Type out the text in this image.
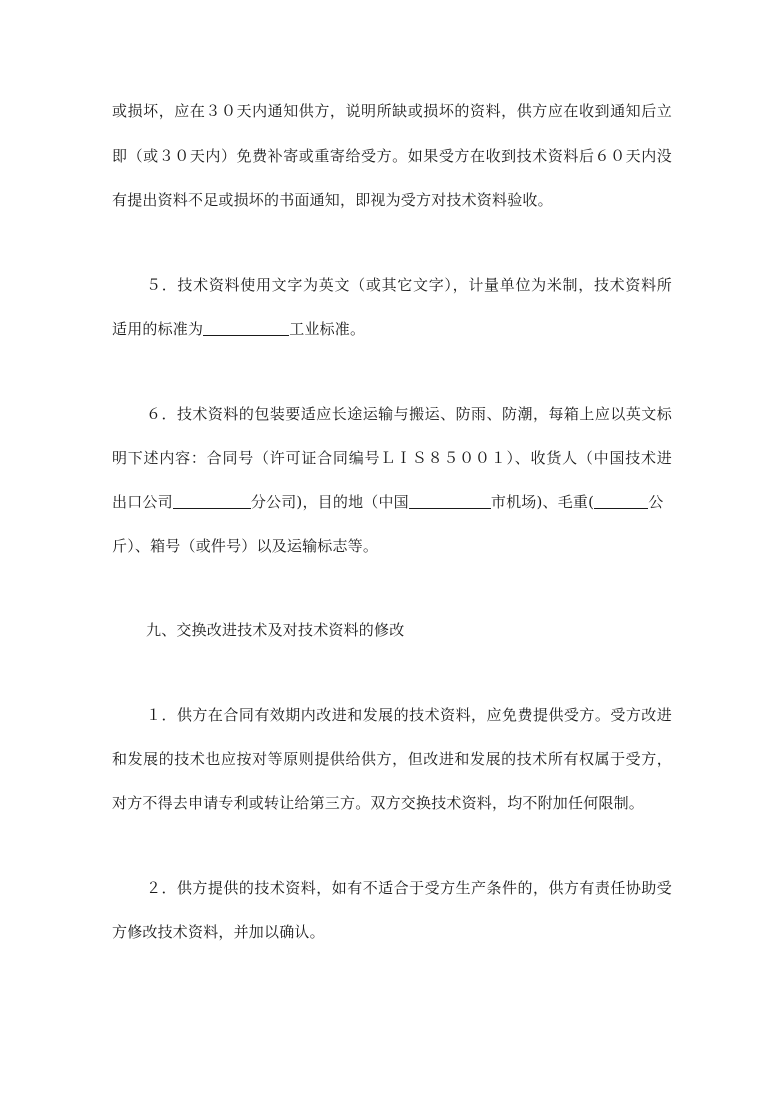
或损坏，应在３０天内通知供方，说明所缺或损坏的资料，供方应在收到通知后立
即（或３０天内）免费补寄或重寄给受方。如果受方在收到技术资料后６０天内没
有提出资料不足或损坏的书面通知，即视为受方对技术资料验收。
５．技术资料使用文字为英文（或其它文字），计量单位为米制，技术资料所
适用的标准为	工业标准。
６．技术资料的包装要适应长途运输与搬运、防雨、防潮，每箱上应以英文标
明下述内容：合同号（许可证合同编号ＬＩＳ８５００１）、收货人（中国技术进
出口公司	分公司)，目的地（中国	市机场)、毛重(	公
斤）、箱号（或件号）以及运输标志等。
九、交换改进技术及对技术资料的修改
１．供方在合同有效期内改进和发展的技术资料，应免费提供受方。受方改进
和发展的技术也应按对等原则提供给供方，但改进和发展的技术所有权属于受方，
对方不得去申请专利或转让给第三方。双方交换技术资料，均不附加任何限制。
２．供方提供的技术资料，如有不适合于受方生产条件的，供方有责任协助受
方修改技术资料，并加以确认。
